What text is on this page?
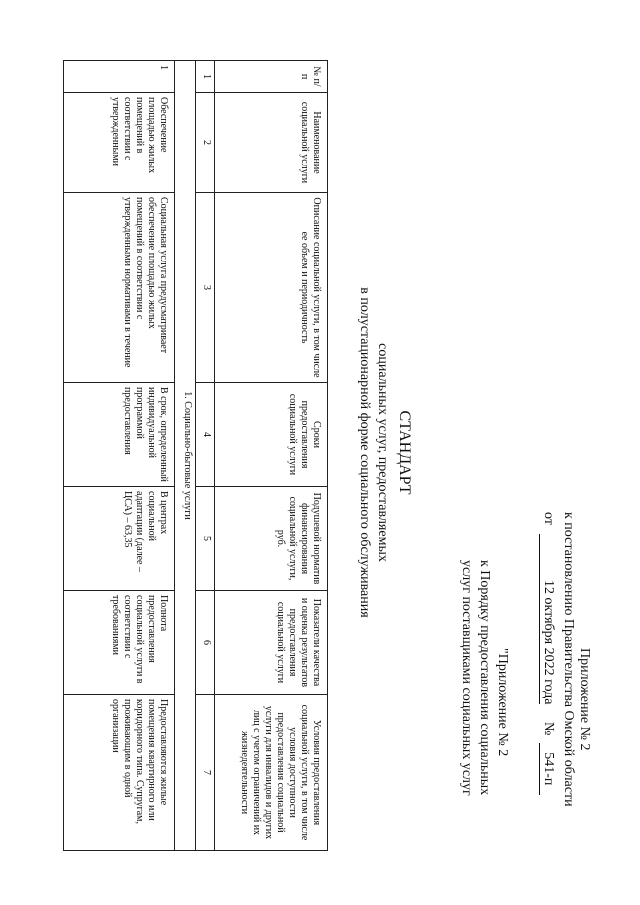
Приложение № 2
к постановлению Правительства Омской области
от 12 октября 2022 года № 541-п
"Приложение № 2
к Порядку предоставления социальных
услуг поставщиками социальных услуг
СТАНДАРТ
социальных услуг, предоставляемых
в полустационарной форме социального обслуживания
№ п/п	Наименование социальной услуги	Описание социальной услуги, в том числе ее объем и периодичность	Сроки предоставления социальной услуги	Подушевой норматив финансирования социальной услуги, руб.	Показатели качества и оценка результатов предоставления социальной услуги	Условия предоставления социальной услуги, в том числе условия доступности предоставления социальной услуги для инвалидов и других лиц с учетом ограничений их жизнедеятельности
1	2	3	4	5	6	7
1. Социально-бытовые услуги						
1	Обеспечение площадью жилых помещений в соответствии с утвержденными	Социальная услуга предусматривает обеспечение площадью жилых помещений в соответствии с утвержденными нормативами в течение	В срок, определенный индивидуальной программой предоставления	В центрах социальной адаптации (далее – ЦСА) – 63,35	Полнота предоставления социальной услуги в соответствии с требованиями	Предоставляются жилые помещения квартирного или коридорного типа. Супругам, проживающим в одной организации
